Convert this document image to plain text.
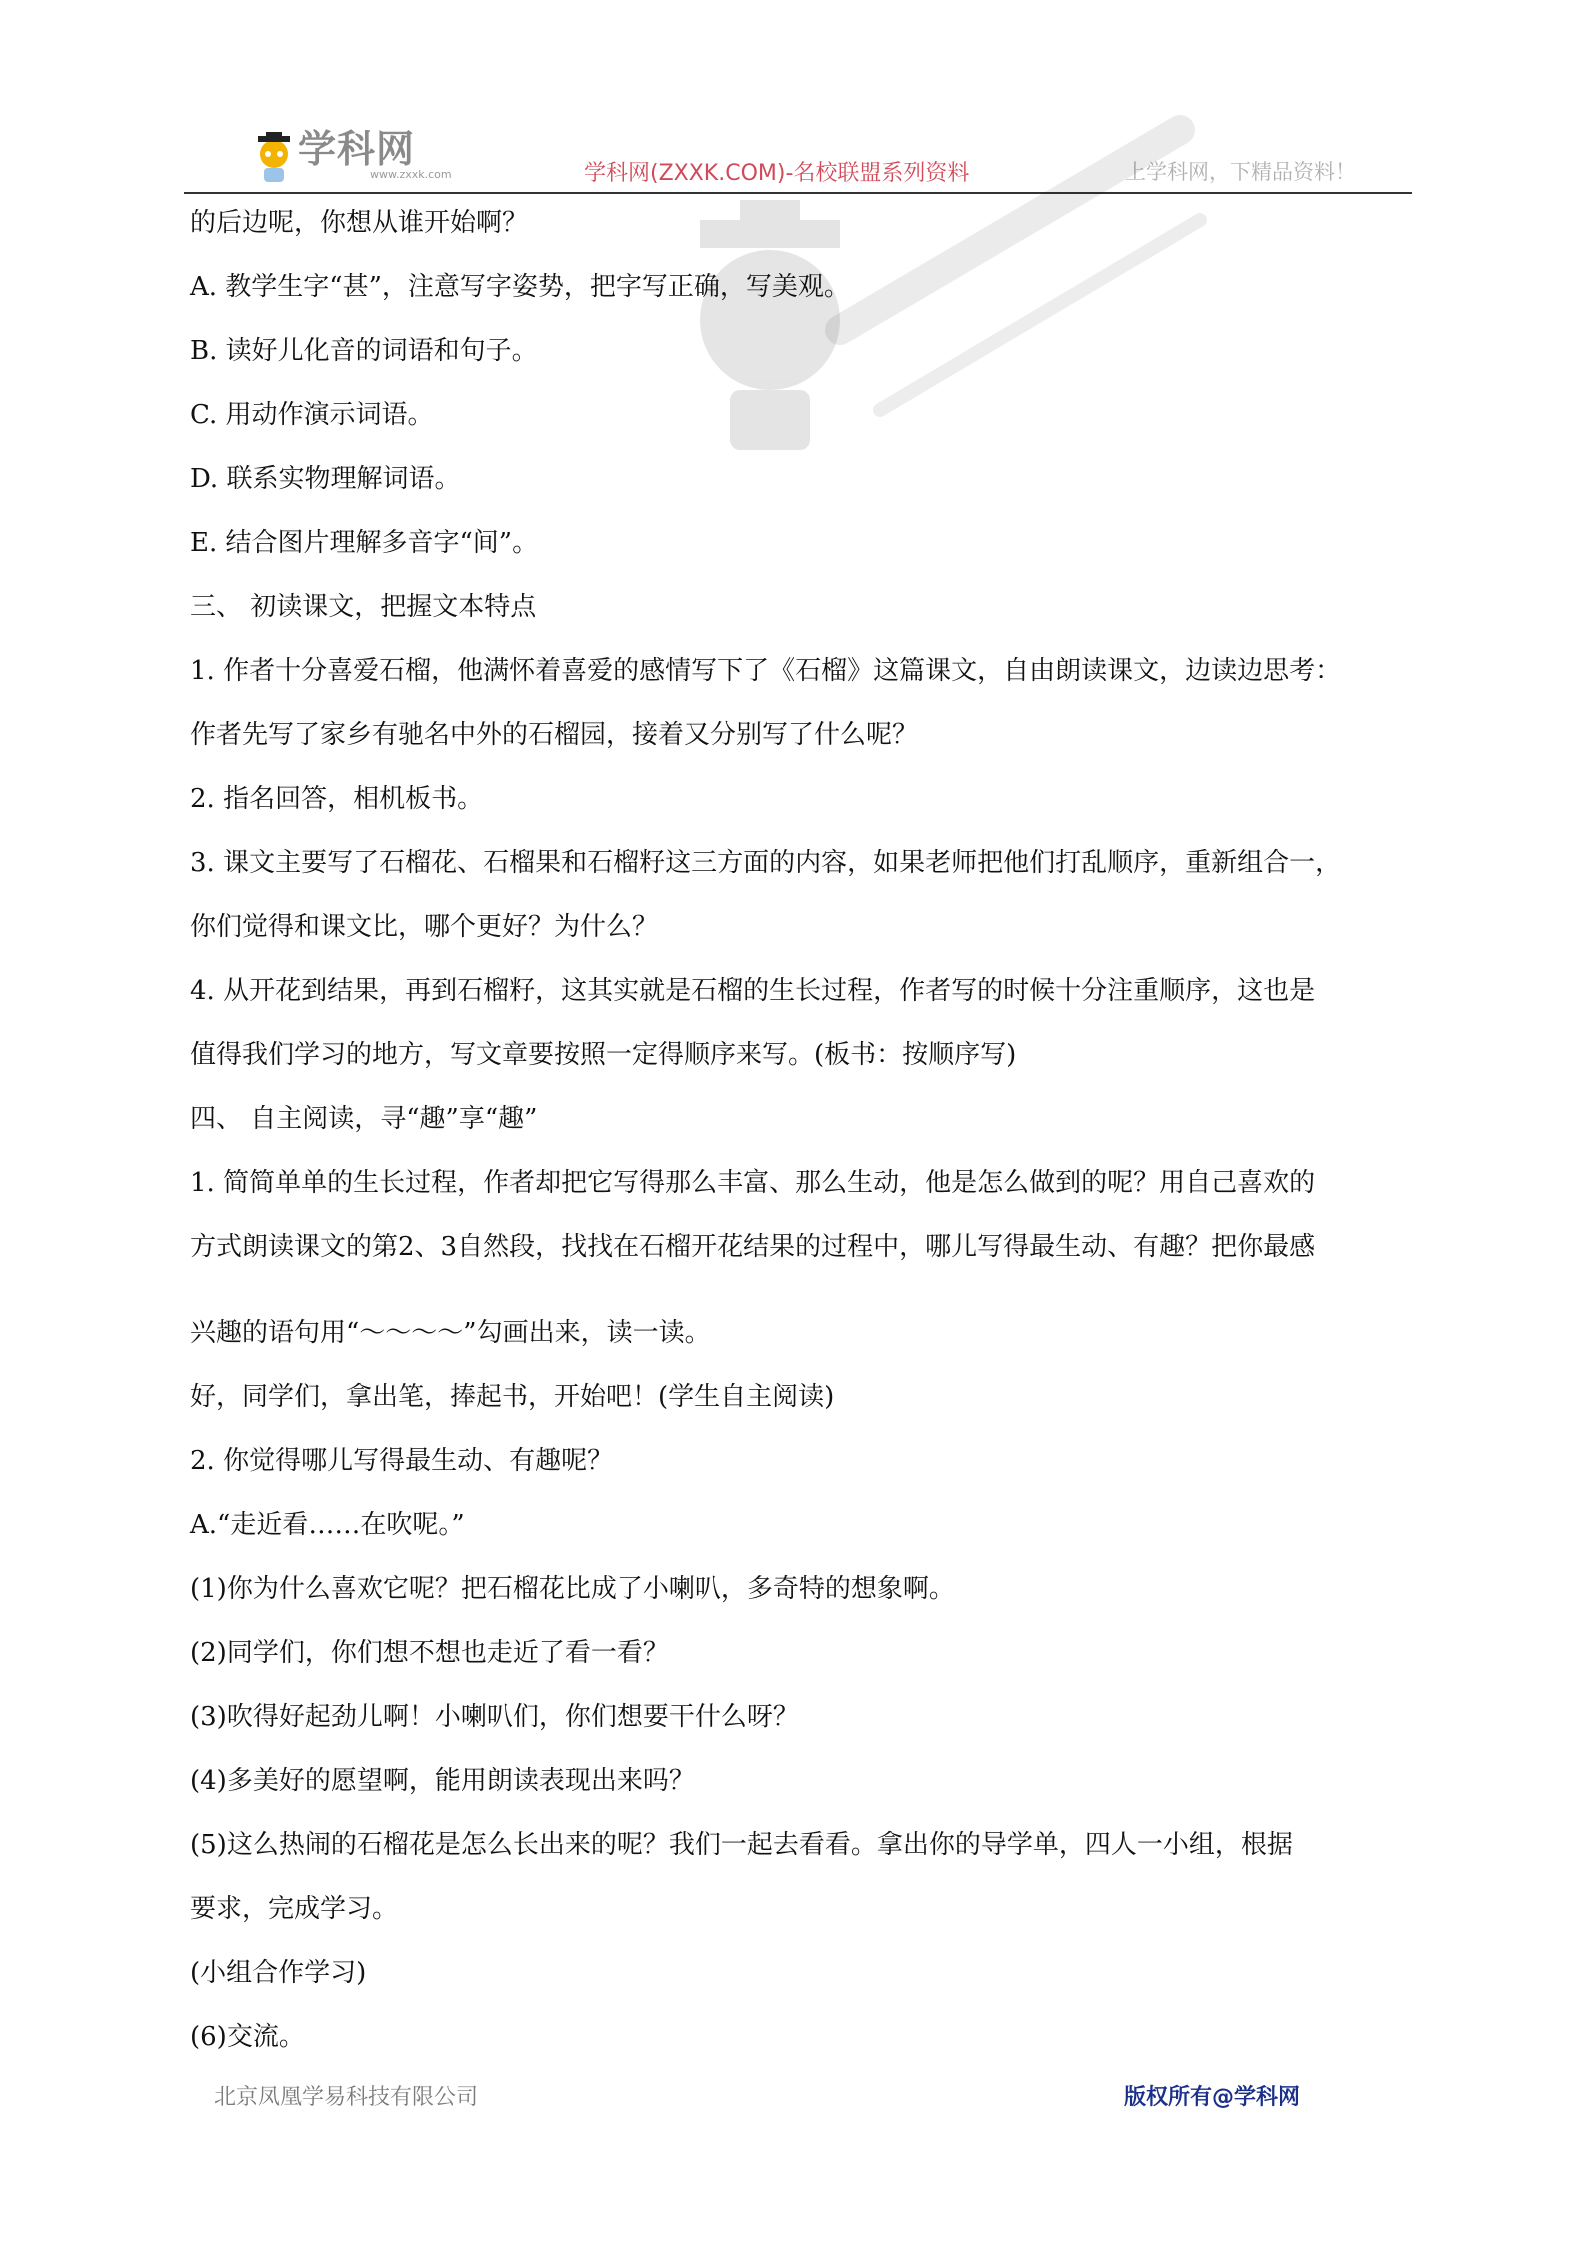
学科网
www.zxxk.com	学科网(ZXXK.COM)-名校联盟系列资料	上学科网，下精品资料！

的后边呢，你想从谁开始啊？

A. 教学生字“甚”，注意写字姿势，把字写正确，写美观。

B. 读好儿化音的词语和句子。

C. 用动作演示词语。

D. 联系实物理解词语。

E. 结合图片理解多音字“间”。

三、 初读课文，把握文本特点

1. 作者十分喜爱石榴，他满怀着喜爱的感情写下了《石榴》这篇课文，自由朗读课文，边读边思考：

作者先写了家乡有驰名中外的石榴园，接着又分别写了什么呢？

2. 指名回答，相机板书。

3. 课文主要写了石榴花、石榴果和石榴籽这三方面的内容，如果老师把他们打乱顺序，重新组合一，

你们觉得和课文比，哪个更好？为什么？

4. 从开花到结果，再到石榴籽，这其实就是石榴的生长过程，作者写的时候十分注重顺序，这也是

值得我们学习的地方，写文章要按照一定得顺序来写。(板书：按顺序写)

四、 自主阅读，寻“趣”享“趣”

1. 简简单单的生长过程，作者却把它写得那么丰富、那么生动，他是怎么做到的呢？用自己喜欢的

方式朗读课文的第2、3自然段，找找在石榴开花结果的过程中，哪儿写得最生动、有趣？把你最感

兴趣的语句用“～～～～”勾画出来，读一读。

好，同学们，拿出笔，捧起书，开始吧！(学生自主阅读)

2. 你觉得哪儿写得最生动、有趣呢？

A.“走近看……在吹呢。”

(1)你为什么喜欢它呢？把石榴花比成了小喇叭，多奇特的想象啊。

(2)同学们，你们想不想也走近了看一看？

(3)吹得好起劲儿啊！小喇叭们，你们想要干什么呀？

(4)多美好的愿望啊，能用朗读表现出来吗？

(5)这么热闹的石榴花是怎么长出来的呢？我们一起去看看。拿出你的导学单，四人一小组，根据

要求，完成学习。

(小组合作学习)

(6)交流。

北京凤凰学易科技有限公司	版权所有@学科网
